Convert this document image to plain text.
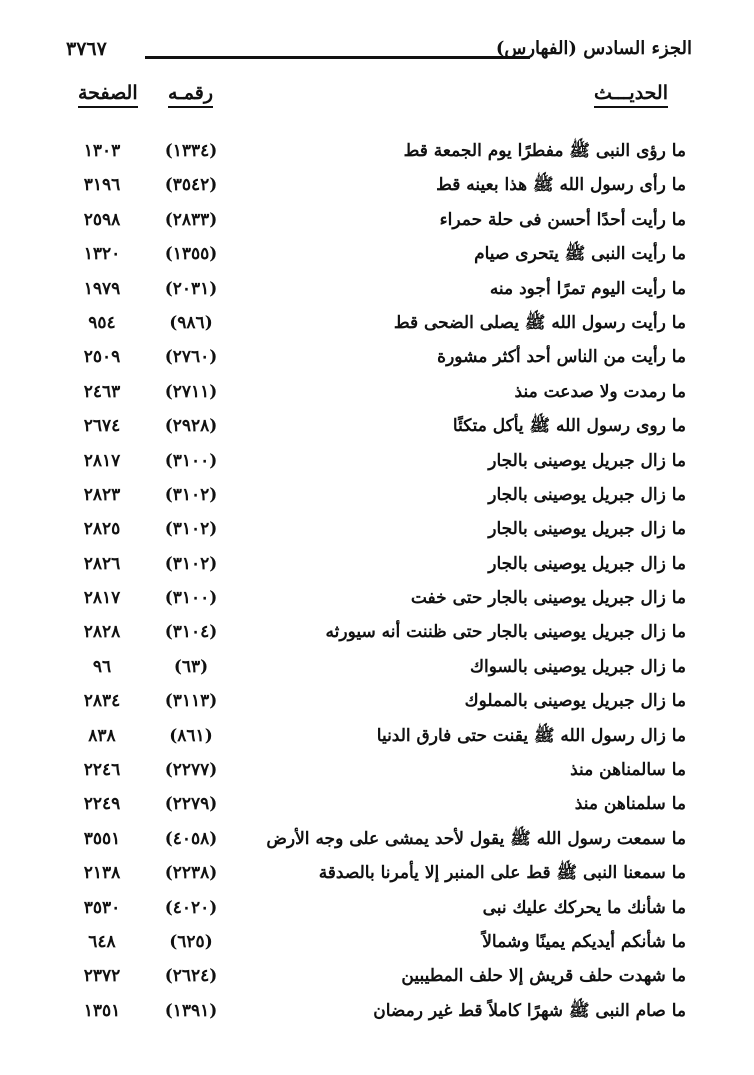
٣٧٦٧	الجزء السادس (الفهارس)
الحديـــث
رقمـه
الصفحة
ما رؤى النبى ﷺ مفطرًا يوم الجمعة قط
(١٣٣٤)
١٣٠٣
ما رأى رسول الله ﷺ هذا بعينه قط
(٣٥٤٢)
٣١٩٦
ما رأيت أحدًا أحسن فى حلة حمراء
(٢٨٣٣)
٢٥٩٨
ما رأيت النبى ﷺ يتحرى صيام
(١٣٥٥)
١٣٢٠
ما رأيت اليوم تمرًا أجود منه
(٢٠٣١)
١٩٧٩
ما رأيت رسول الله ﷺ يصلى الضحى قط
(٩٨٦)
٩٥٤
ما رأيت من الناس أحد أكثر مشورة
(٢٧٦٠)
٢٥٠٩
ما رمدت ولا صدعت منذ
(٢٧١١)
٢٤٦٣
ما روى رسول الله ﷺ يأكل متكئًا
(٢٩٢٨)
٢٦٧٤
ما زال جبريل يوصينى بالجار
(٣١٠٠)
٢٨١٧
ما زال جبريل يوصينى بالجار
(٣١٠٢)
٢٨٢٣
ما زال جبريل يوصينى بالجار
(٣١٠٢)
٢٨٢٥
ما زال جبريل يوصينى بالجار
(٣١٠٢)
٢٨٢٦
ما زال جبريل يوصينى بالجار حتى خفت
(٣١٠٠)
٢٨١٧
ما زال جبريل يوصينى بالجار حتى ظننت أنه سيورثه
(٣١٠٤)
٢٨٢٨
ما زال جبريل يوصينى بالسواك
(٦٣)
٩٦
ما زال جبريل يوصينى بالمملوك
(٣١١٣)
٢٨٣٤
ما زال رسول الله ﷺ يقنت حتى فارق الدنيا
(٨٦١)
٨٣٨
ما سالمناهن منذ
(٢٢٧٧)
٢٢٤٦
ما سلمناهن منذ
(٢٢٧٩)
٢٢٤٩
ما سمعت رسول الله ﷺ يقول لأحد يمشى على وجه الأرض
(٤٠٥٨)
٣٥٥١
ما سمعنا النبى ﷺ قط على المنبر إلا يأمرنا بالصدقة
(٢٢٣٨)
٢١٣٨
ما شأنك ما يحركك عليك نبى
(٤٠٢٠)
٣٥٣٠
ما شأنكم أيديكم يمينًا وشمالاً
(٦٢٥)
٦٤٨
ما شهدت حلف قريش إلا حلف المطيبين
(٢٦٢٤)
٢٣٧٢
ما صام النبى ﷺ شهرًا كاملاً قط غير رمضان
(١٣٩١)
١٣٥١
